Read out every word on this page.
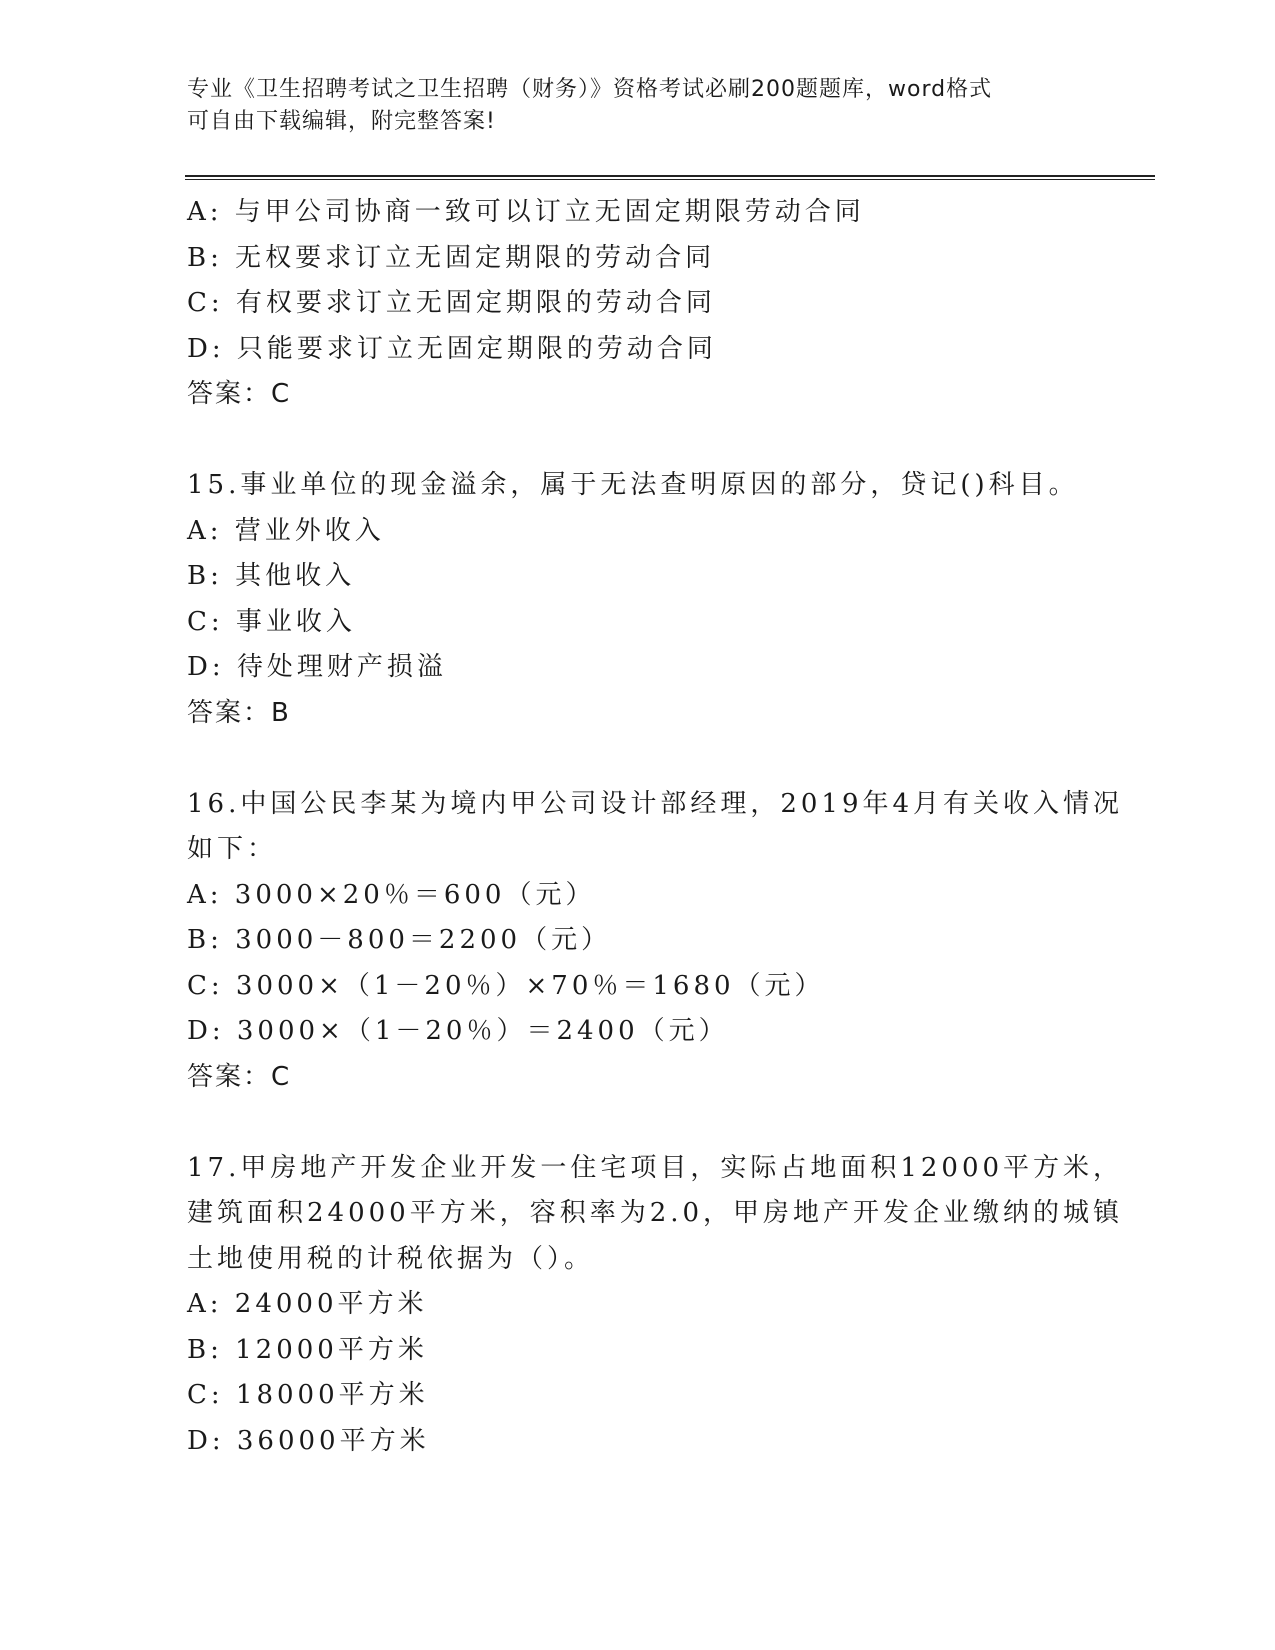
专业《卫生招聘考试之卫生招聘（财务）》资格考试必刷200题题库，word格式
可自由下载编辑，附完整答案!
A: 与甲公司协商一致可以订立无固定期限劳动合同
B: 无权要求订立无固定期限的劳动合同
C: 有权要求订立无固定期限的劳动合同
D: 只能要求订立无固定期限的劳动合同
答案：C
15.事业单位的现金溢余，属于无法查明原因的部分，贷记()科目。
A: 营业外收入
B: 其他收入
C: 事业收入
D: 待处理财产损溢
答案：B
16.中国公民李某为境内甲公司设计部经理，2019年4月有关收入情况
如下：
A: 3000×20％＝600（元）
B: 3000－800＝2200（元）
C: 3000×（1－20％）×70％＝1680（元）
D: 3000×（1－20％）＝2400（元）
答案：C
17.甲房地产开发企业开发一住宅项目，实际占地面积12000平方米，
建筑面积24000平方米，容积率为2.0，甲房地产开发企业缴纳的城镇
土地使用税的计税依据为（）。
A: 24000平方米
B: 12000平方米
C: 18000平方米
D: 36000平方米
